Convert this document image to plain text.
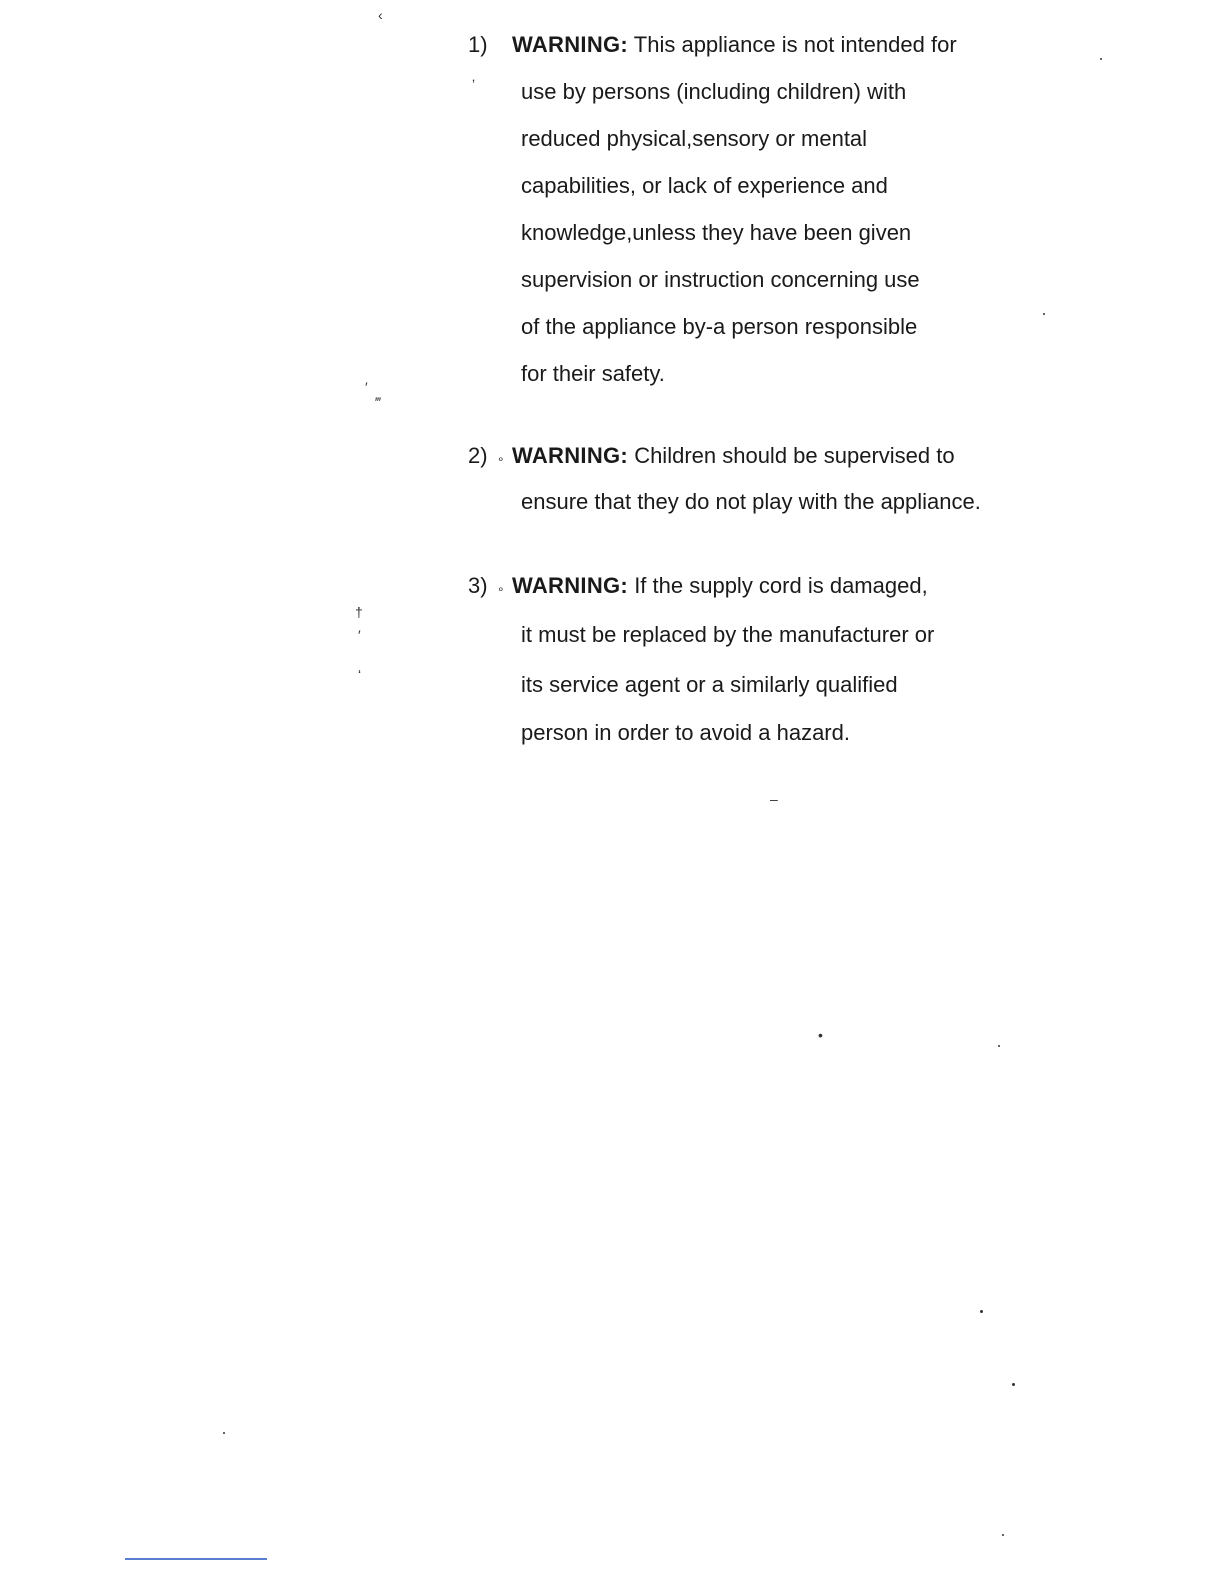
1) WARNING: This appliance is not intended for
use by persons (including children) with
reduced physical,sensory or mental
capabilities, or lack of experience and
knowledge,unless they have been given
supervision or instruction concerning use
of the appliance by-a person responsible
for their safety.
2) ∘ WARNING: Children should be supervised to
ensure that they do not play with the appliance.
3) ∘ WARNING: If the supply cord is damaged,
it must be replaced by the manufacturer or
its service agent or a similarly qualified
person in order to avoid a hazard.
‹
ʼ
′
‴
†
′
ʻ
•
–
